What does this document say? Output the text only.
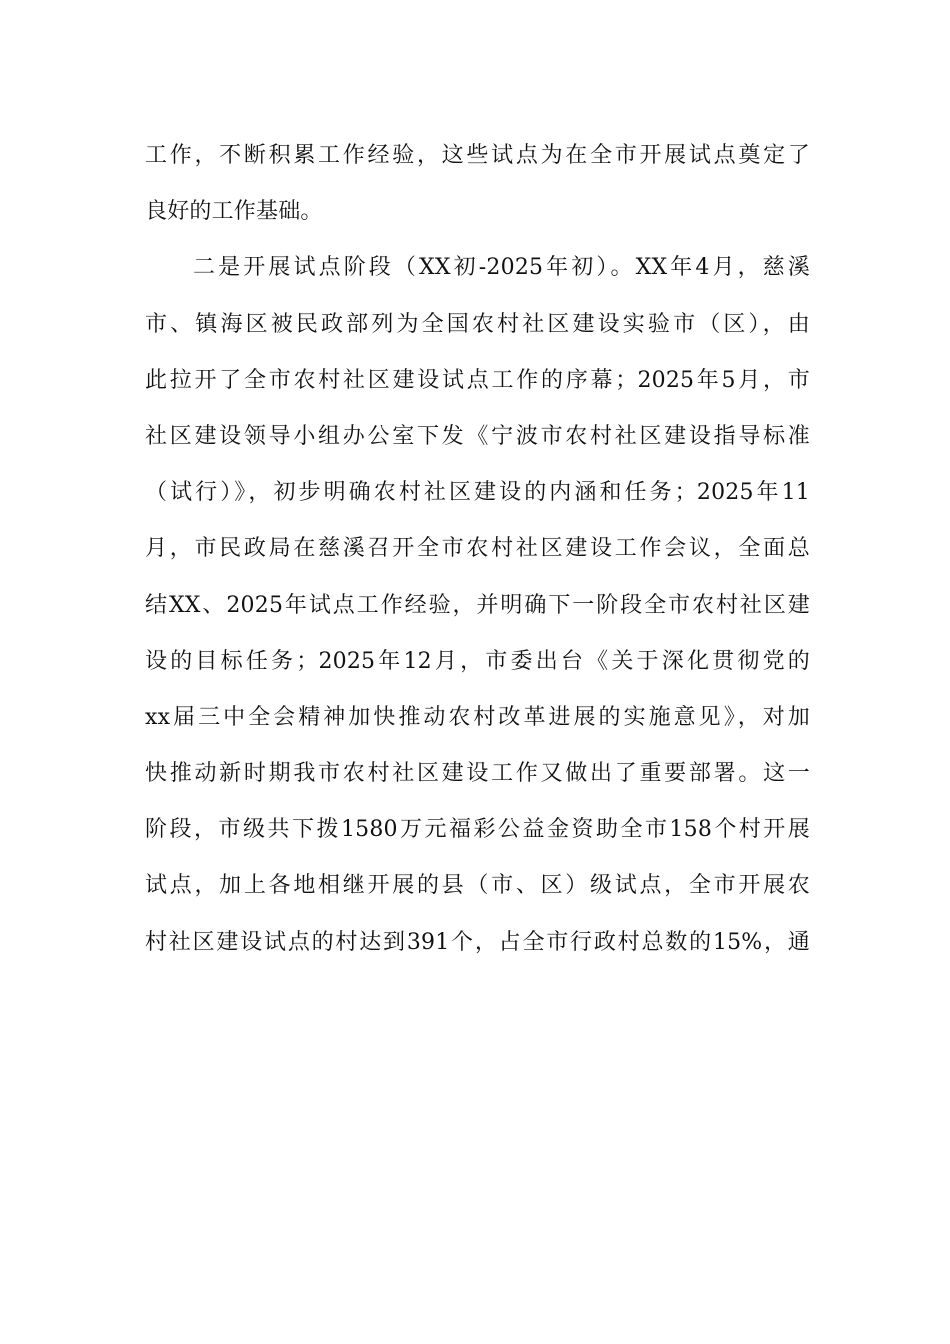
工作，不断积累工作经验，这些试点为在全市开展试点奠定了
良好的工作基础。
二是开展试点阶段（XX初-2025年初）。XX年4月，慈溪
市、镇海区被民政部列为全国农村社区建设实验市（区），由
此拉开了全市农村社区建设试点工作的序幕；2025年5月，市
社区建设领导小组办公室下发《宁波市农村社区建设指导标准
（试行）》，初步明确农村社区建设的内涵和任务；2025年11
月，市民政局在慈溪召开全市农村社区建设工作会议，全面总
结XX、2025年试点工作经验，并明确下一阶段全市农村社区建
设的目标任务；2025年12月，市委出台《关于深化贯彻党的
xx届三中全会精神加快推动农村改革进展的实施意见》，对加
快推动新时期我市农村社区建设工作又做出了重要部署。这一
阶段，市级共下拨1580万元福彩公益金资助全市158个村开展
试点，加上各地相继开展的县（市、区）级试点，全市开展农
村社区建设试点的村达到391个，占全市行政村总数的15%，通
